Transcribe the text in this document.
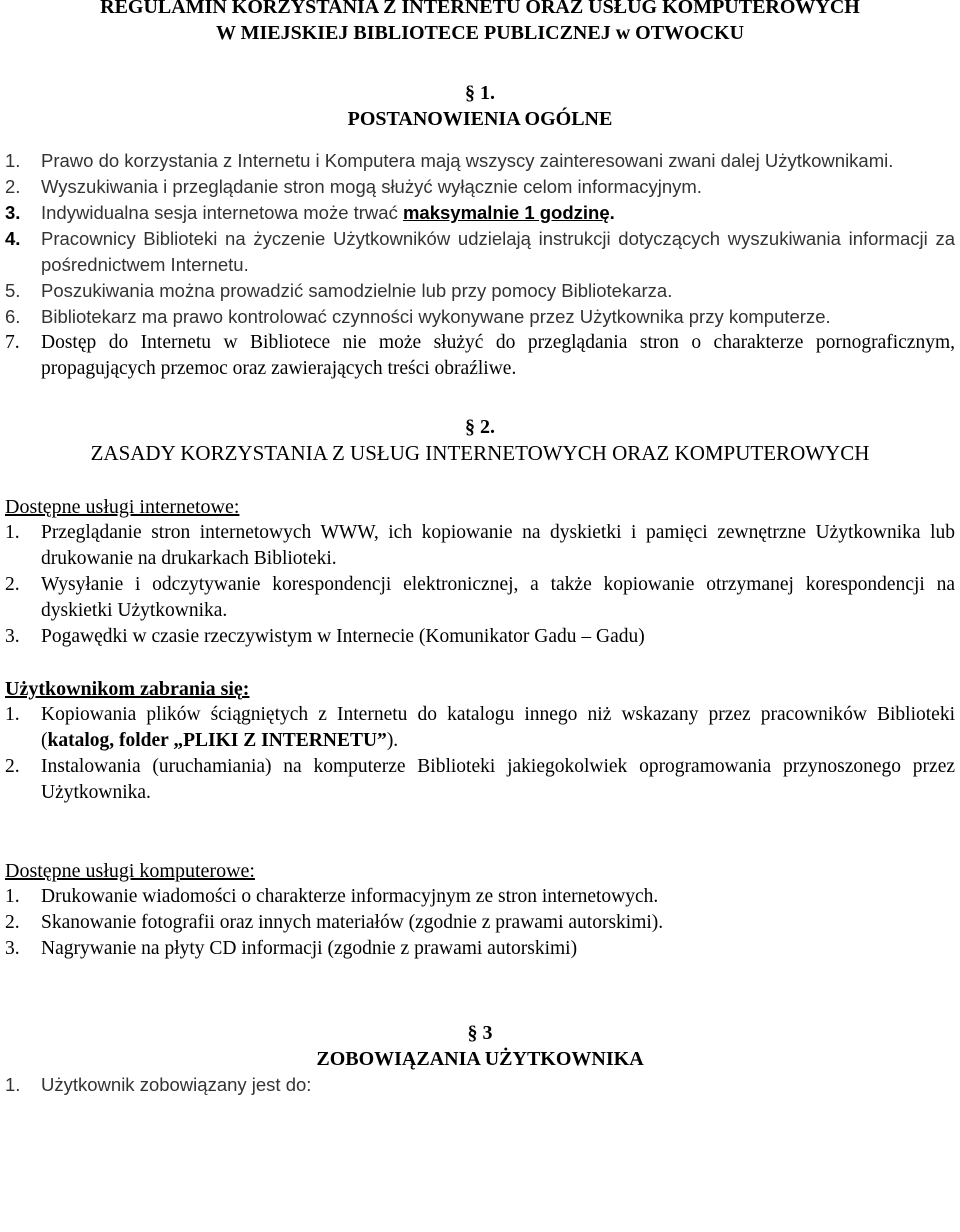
REGULAMIN KORZYSTANIA Z INTERNETU ORAZ USŁUG KOMPUTEROWYCH
W MIEJSKIEJ BIBLIOTECE PUBLICZNEJ w OTWOCKU
§ 1.
POSTANOWIENIA OGÓLNE
1.	Prawo do korzystania z Internetu i Komputera mają wszyscy zainteresowani zwani dalej Użytkownikami.
2.	Wyszukiwania i przeglądanie stron mogą służyć wyłącznie celom informacyjnym.
3.	Indywidualna sesja internetowa może trwać maksymalnie 1 godzinę.
4.	Pracownicy Biblioteki na życzenie Użytkowników udzielają instrukcji dotyczących wyszukiwania informacji za pośrednictwem Internetu.
5.	Poszukiwania można prowadzić samodzielnie lub przy pomocy Bibliotekarza.
6.	Bibliotekarz ma prawo kontrolować czynności wykonywane przez Użytkownika przy komputerze.
7.	Dostęp do Internetu w Bibliotece nie może służyć do przeglądania stron o charakterze pornograficznym, propagujących przemoc oraz zawierających treści obraźliwe.
§ 2.
ZASADY KORZYSTANIA Z USŁUG INTERNETOWYCH ORAZ KOMPUTEROWYCH
Dostępne usługi internetowe:
1.	Przeglądanie stron internetowych WWW, ich kopiowanie na dyskietki i pamięci zewnętrzne Użytkownika lub drukowanie na drukarkach Biblioteki.
2.	Wysyłanie i odczytywanie korespondencji elektronicznej, a także kopiowanie otrzymanej korespondencji na dyskietki Użytkownika.
3.	Pogawędki w czasie rzeczywistym w Internecie (Komunikator Gadu – Gadu)
Użytkownikom zabrania się:
1.	Kopiowania plików ściągniętych z Internetu do katalogu innego niż wskazany przez pracowników Biblioteki (katalog, folder „PLIKI Z INTERNETU”).
2.	Instalowania (uruchamiania) na komputerze Biblioteki jakiegokolwiek oprogramowania przynoszonego przez Użytkownika.
Dostępne usługi komputerowe:
1.	Drukowanie wiadomości o charakterze informacyjnym ze stron internetowych.
2.	Skanowanie fotografii oraz innych materiałów (zgodnie z prawami autorskimi).
3.	Nagrywanie na płyty CD informacji (zgodnie z prawami autorskimi)
§ 3
ZOBOWIĄZANIA UŻYTKOWNIKA
1.	Użytkownik zobowiązany jest do:
